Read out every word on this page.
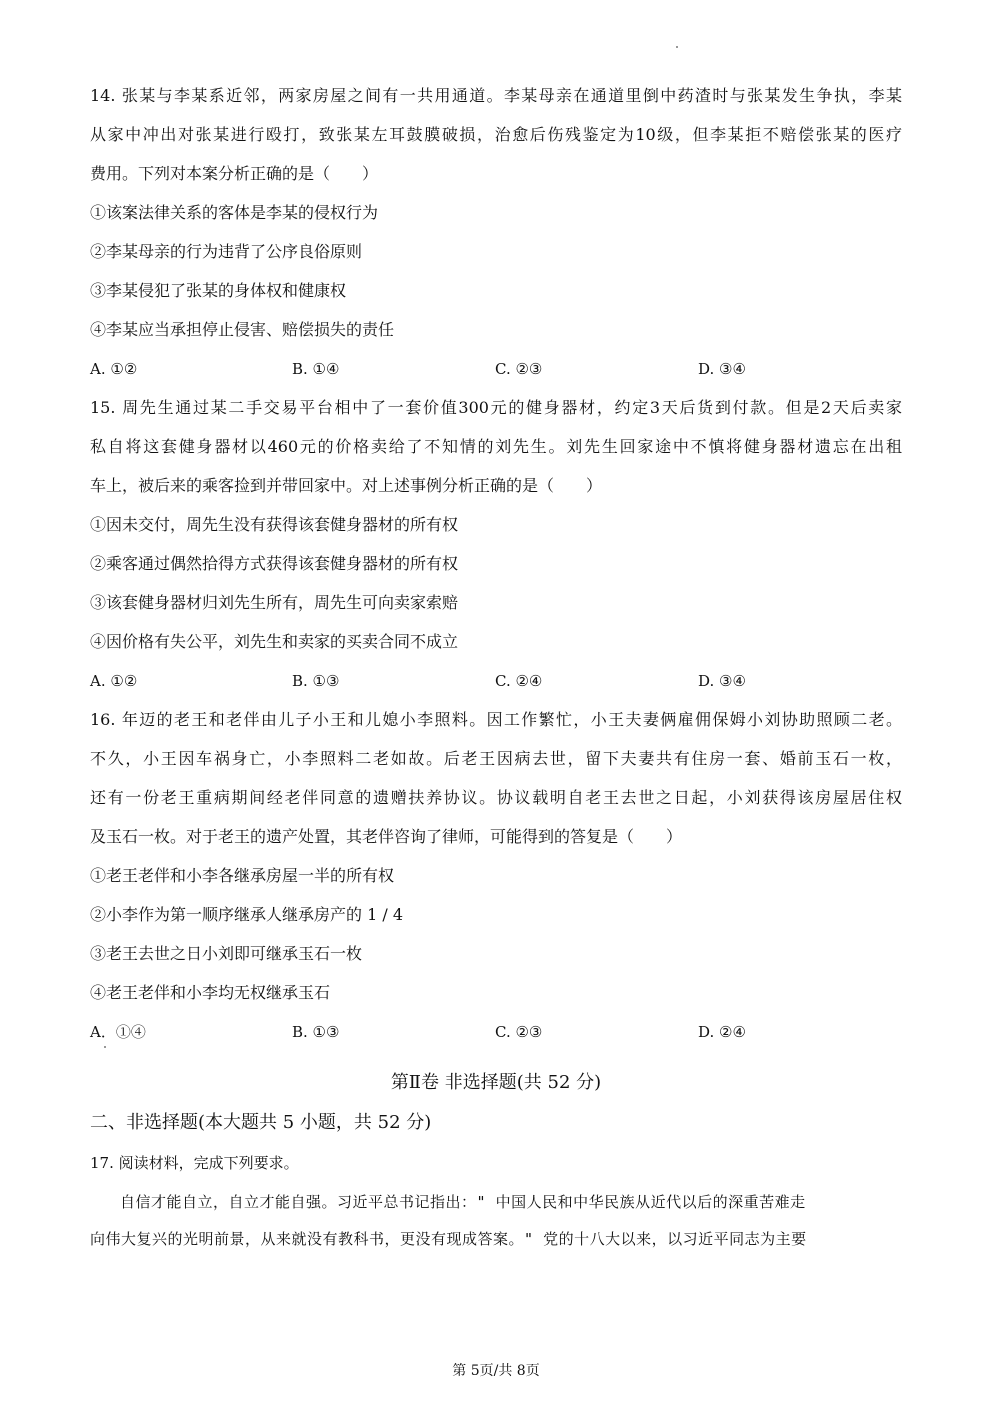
14. 张某与李某系近邻，两家房屋之间有一共用通道。李某母亲在通道里倒中药渣时与张某发生争执，李某
从家中冲出对张某进行殴打，致张某左耳鼓膜破损，治愈后伤残鉴定为10级，但李某拒不赔偿张某的医疗
费用。下列对本案分析正确的是（　　）
①该案法律关系的客体是李某的侵权行为
②李某母亲的行为违背了公序良俗原则
③李某侵犯了张某的身体权和健康权
④李某应当承担停止侵害、赔偿损失的责任
A. ①②	B. ①④	C. ②③	D. ③④
15. 周先生通过某二手交易平台相中了一套价值300元的健身器材，约定3天后货到付款。但是2天后卖家
私自将这套健身器材以460元的价格卖给了不知情的刘先生。刘先生回家途中不慎将健身器材遗忘在出租
车上，被后来的乘客捡到并带回家中。对上述事例分析正确的是（　　）
①因未交付，周先生没有获得该套健身器材的所有权
②乘客通过偶然拾得方式获得该套健身器材的所有权
③该套健身器材归刘先生所有，周先生可向卖家索赔
④因价格有失公平，刘先生和卖家的买卖合同不成立
A. ①②	B. ①③	C. ②④	D. ③④
16. 年迈的老王和老伴由儿子小王和儿媳小李照料。因工作繁忙，小王夫妻俩雇佣保姆小刘协助照顾二老。
不久，小王因车祸身亡，小李照料二老如故。后老王因病去世，留下夫妻共有住房一套、婚前玉石一枚，
还有一份老王重病期间经老伴同意的遗赠扶养协议。协议载明自老王去世之日起，小刘获得该房屋居住权
及玉石一枚。对于老王的遗产处置，其老伴咨询了律师，可能得到的答复是（　　）
①老王老伴和小李各继承房屋一半的所有权
②小李作为第一顺序继承人继承房产的 1 / 4
③老王去世之日小刘即可继承玉石一枚
④老王老伴和小李均无权继承玉石
A．①④	B. ①③	C. ②③	D. ②④
第Ⅱ卷 非选择题(共 52 分)
二、非选择题(本大题共 5 小题，共 52 分)
17. 阅读材料，完成下列要求。
自信才能自立，自立才能自强。习近平总书记指出：" 中国人民和中华民族从近代以后的深重苦难走
向伟大复兴的光明前景，从来就没有教科书，更没有现成答案。" 党的十八大以来，以习近平同志为主要
第 5页/共 8页
